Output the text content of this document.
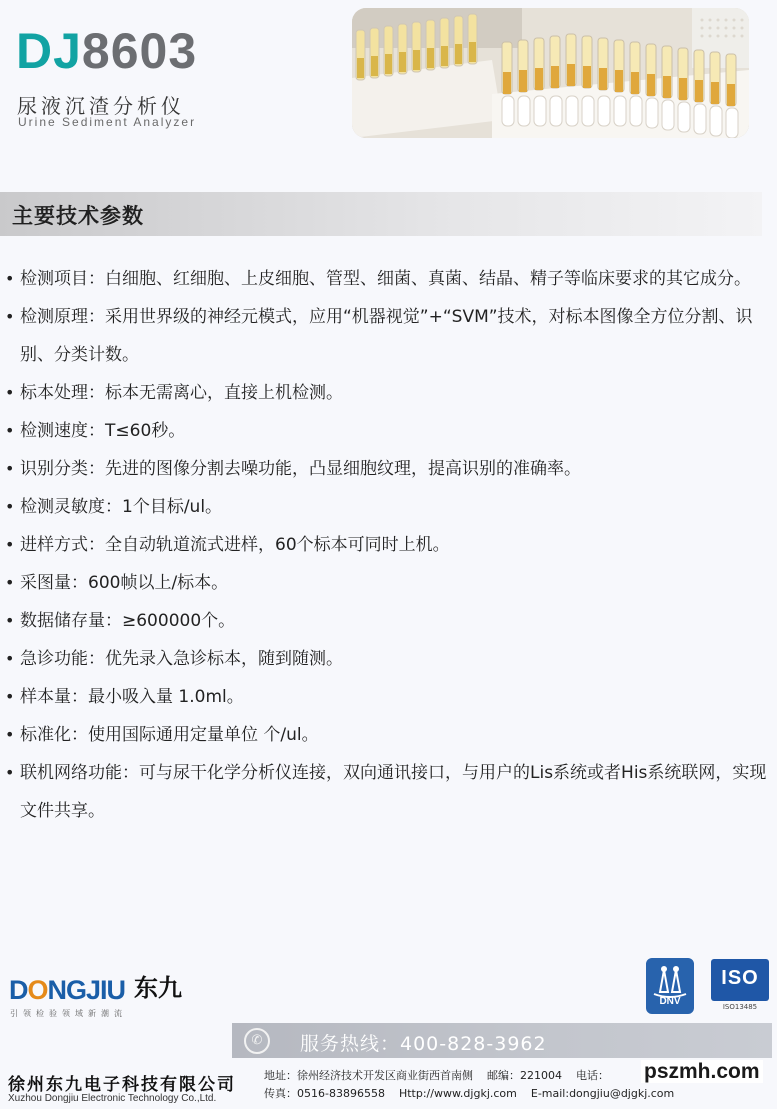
DJ8603
尿液沉渣分析仪
Urine Sediment Analyzer
主要技术参数
• 检测项目：白细胞、红细胞、上皮细胞、管型、细菌、真菌、结晶、精子等临床要求的其它成分。
• 检测原理：采用世界级的神经元模式，应用“机器视觉”+“SVM”技术，对标本图像全方位分割、识别、分类计数。
• 标本处理：标本无需离心，直接上机检测。
• 检测速度：T≤60秒。
• 识别分类：先进的图像分割去噪功能，凸显细胞纹理，提高识别的准确率。
• 检测灵敏度：1个目标/ul。
• 进样方式：全自动轨道流式进样，60个标本可同时上机。
• 采图量：600帧以上/标本。
• 数据储存量：≥600000个。
• 急诊功能：优先录入急诊标本，随到随测。
• 样本量：最小吸入量 1.0ml。
• 标准化：使用国际通用定量单位 个/ul。
• 联机网络功能：可与尿干化学分析仪连接，双向通讯接口，与用户的Lis系统或者His系统联网，实现文件共享。
DONGJIU 东九
引领检验领域新潮流
DNV
ISO
ISO13485
✆	服务热线：400-828-3962
徐州东九电子科技有限公司
Xuzhou Dongjiu Electronic Technology Co.,Ltd.
地址：徐州经济技术开发区商业街西首南侧 邮编：221004 电话：
传真：0516-83896558 Http://www.djgkj.com E-mail:dongjiu@djgkj.com
pszmh.com
